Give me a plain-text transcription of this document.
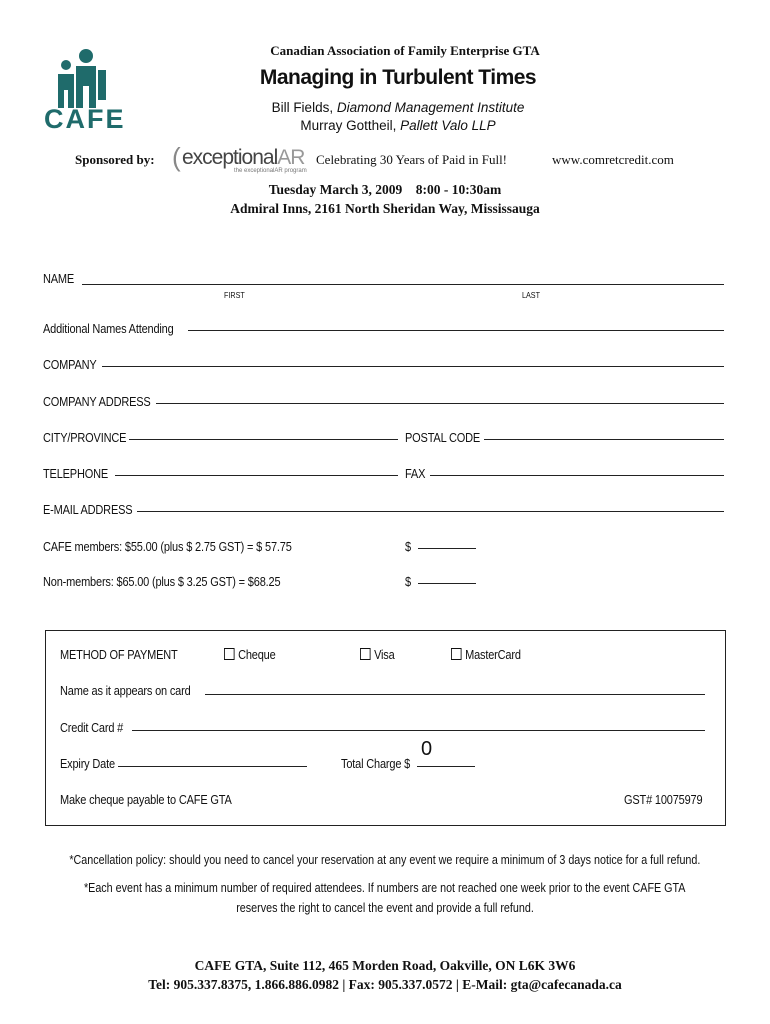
CAFE
Canadian Association of Family Enterprise GTA
Managing in Turbulent Times
Bill Fields, Diamond Management Institute
Murray Gottheil, Pallett Valo LLP
Sponsored by: ( exceptionalAR
the exceptionalAR program
Celebrating 30 Years of Paid in Full!	www.comretcredit.com
Tuesday March 3, 2009    8:00 - 10:30am
Admiral Inns, 2161 North Sheridan Way, Mississauga
NAME
FIRST	LAST
Additional Names Attending
COMPANY
COMPANY ADDRESS
CITY/PROVINCE	POSTAL CODE
TELEPHONE	FAX
E-MAIL ADDRESS
CAFE members: $55.00 (plus $ 2.75 GST) = $ 57.75	$
Non-members: $65.00 (plus $ 3.25 GST) = $68.25	$
METHOD OF PAYMENT	Cheque	Visa	MasterCard
Name as it appears on card
Credit Card #
Expiry Date	Total Charge $
0
Make cheque payable to CAFE GTA	GST# 10075979
*Cancellation policy: should you need to cancel your reservation at any event we require a minimum of 3 days notice for a full refund.
*Each event has a minimum number of required attendees. If numbers are not reached one week prior to the event CAFE GTA
reserves the right to cancel the event and provide a full refund.
CAFE GTA, Suite 112, 465 Morden Road, Oakville, ON L6K 3W6
Tel: 905.337.8375, 1.866.886.0982 | Fax: 905.337.0572 | E-Mail: gta@cafecanada.ca
